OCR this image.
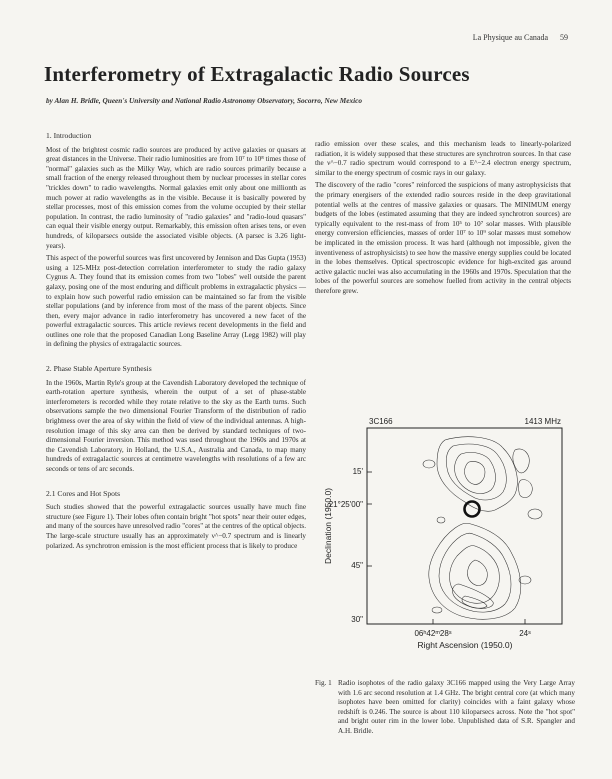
La Physique au Canada 59
Interferometry of Extragalactic Radio Sources
by Alan H. Bridle, Queen's University and National Radio Astronomy Observatory, Socorro, New Mexico
1. Introduction

Most of the brightest cosmic radio sources are produced by active galaxies or quasars at great distances in the Universe. Their radio luminosities are from 10⁷ to 10⁸ times those of "normal" galaxies such as the Milky Way, which are radio sources primarily because a small fraction of the energy released throughout them by nuclear processes in stellar cores "trickles down" to radio wavelengths. Normal galaxies emit only about one millionth as much power at radio wavelengths as in the visible. Because it is basically powered by stellar processes, most of this emission comes from the volume occupied by their stellar population. In contrast, the radio luminosity of "radio galaxies" and "radio-loud quasars" can equal their visible energy output. Remarkably, this emission often arises tens, or even hundreds, of kiloparsecs outside the associated visible objects. (A parsec is 3.26 light-years).

This aspect of the powerful sources was first uncovered by Jennison and Das Gupta (1953) using a 125-MHz post-detection correlation interferometer to study the radio galaxy Cygnus A. They found that its emission comes from two "lobes" well outside the parent galaxy, posing one of the most enduring and difficult problems in extragalactic physics — to explain how such powerful radio emission can be maintained so far from the visible stellar populations (and by inference from most of the mass of the parent objects. Since then, every major advance in radio interferometry has uncovered a new facet of the powerful extragalactic sources. This article reviews recent developments in the field and outlines one role that the proposed Canadian Long Baseline Array (Legg 1982) will play in defining the physics of extragalactic sources.

2. Phase Stable Aperture Synthesis

In the 1960s, Martin Ryle's group at the Cavendish Laboratory developed the technique of earth-rotation aperture synthesis, wherein the output of a set of phase-stable interferometers is recorded while they rotate relative to the sky as the Earth turns. Such observations sample the two dimensional Fourier Transform of the distribution of radio brightness over the area of sky within the field of view of the individual antennas. A high-resolution image of this sky area can then be derived by standard techniques of two-dimensional Fourier inversion. This method was used throughout the 1960s and 1970s at the Cavendish Laboratory, in Holland, the U.S.A., Australia and Canada, to map many hundreds of extragalactic sources at centimetre wavelengths with resolutions of a few arc seconds or tens of arc seconds.

2.1 Cores and Hot Spots

Such studies showed that the powerful extragalactic sources usually have much fine structure (see Figure 1). Their lobes often contain bright "hot spots" near their outer edges, and many of the sources have unresolved radio "cores" at the centres of the optical objects. The large-scale structure usually has an approximately ν^−0.7 spectrum and is linearly polarized. As synchrotron emission is the most efficient process that is likely to produce

radio emission over these scales, and this mechanism leads to linearly-polarized radiation, it is widely supposed that these structures are synchrotron sources. In that case the ν^−0.7 radio spectrum would correspond to a E^−2.4 electron energy spectrum, similar to the energy spectrum of cosmic rays in our galaxy.

The discovery of the radio "cores" reinforced the suspicions of many astrophysicists that the primary energisers of the extended radio sources reside in the deep gravitational potential wells at the centres of massive galaxies or quasars. The MINIMUM energy budgets of the lobes (estimated assuming that they are indeed synchrotron sources) are typically equivalent to the rest-mass of from 10⁵ to 10⁷ solar masses. With plausible energy conversion efficiencies, masses of order 10⁷ to 10⁹ solar masses must somehow be implicated in the emission process. It was hard (although not impossible, given the inventiveness of astrophysicists) to see how the massive energy supplies could be located in the lobes themselves. Optical spectroscopic evidence for high-excited gas around active galactic nuclei was also accumulating in the 1960s and 1970s. Speculation that the lobes of the powerful sources are somehow fuelled from activity in the central objects therefore grew.

3C166	1413 MHz
15'
21°25'00"
45"
30"
06ʰ42ᵐ28ˢ	24ˢ
Declination (1950.0)
Right Ascension (1950.0)
Fig. 1 Radio isophotes of the radio galaxy 3C166 mapped using the Very Large Array with 1.6 arc second resolution at 1.4 GHz. The bright central core (at which many isophotes have been omitted for clarity) coincides with a faint galaxy whose redshift is 0.246. The source is about 110 kiloparsecs across. Note the "hot spot" and bright outer rim in the lower lobe. Unpublished data of S.R. Spangler and A.H. Bridle.
